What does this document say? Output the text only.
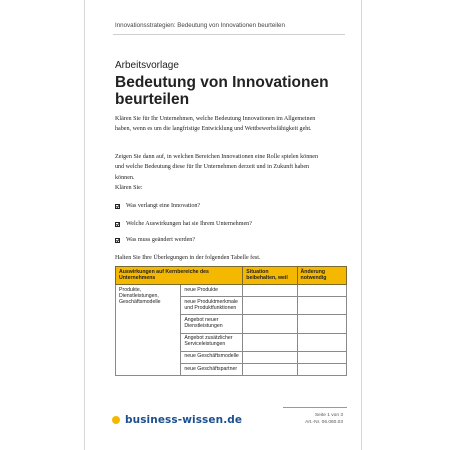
Innovationsstrategien: Bedeutung von Innovationen beurteilen
Arbeitsvorlage
Bedeutung von Innovationen beurteilen
Klären Sie für Ihr Unternehmen, welche Bedeutung Innovationen im Allgemeinen haben, wenn es um die langfristige Entwicklung und Wettbewerbsfähigkeit geht.
Zeigen Sie dann auf, in welchen Bereichen Innovationen eine Rolle spielen können und welche Bedeutung diese für Ihr Unternehmen derzeit und in Zukunft haben können.
Klären Sie:
Was verlangt eine Innovation?
Welche Auswirkungen hat sie Ihrem Unternehmen?
Was muss geändert werden?
Halten Sie Ihre Überlegungen in der folgenden Tabelle fest.
Auswirkungen auf Kernbereiche des Unternehmens		Situation beibehalten, weil	Änderung notwendig
Produkte, Dienstleistungen, Geschäftsmodelle	neue Produkte		
	neue Produktmerkmale und Produktfunktionen		
	Angebot neuer Dienstleistungen		
	Angebot zusätzlicher Serviceleistungen		
	neue Geschäftsmodelle		
	neue Geschäftspartner		
Seite 1 von 3
Art.-Nr. 06.060.03
business-wissen.de
